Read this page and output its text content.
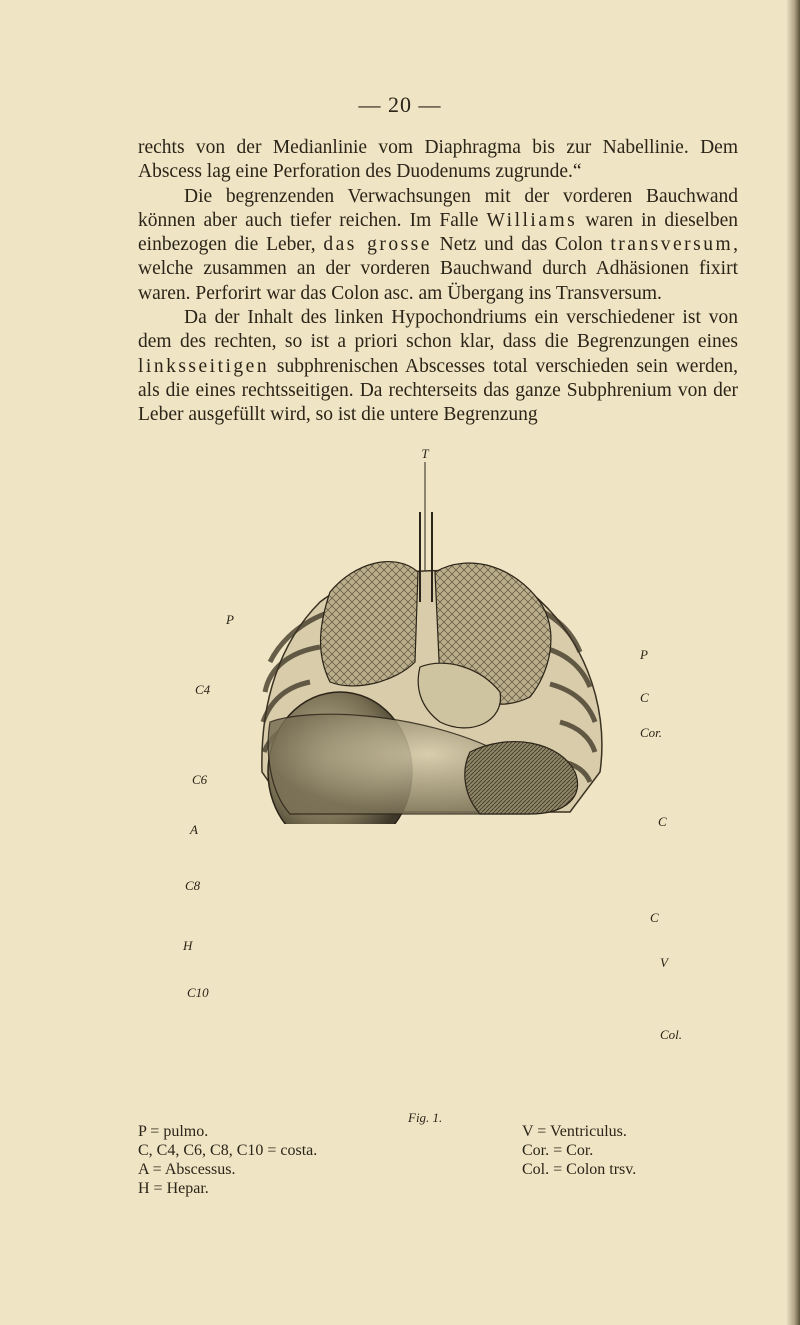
— 20 —

rechts von der Medianlinie vom Diaphragma bis zur Nabellinie. Dem Abscess lag eine Perforation des Duodenums zugrunde.“

Die begrenzenden Verwachsungen mit der vorderen Bauchwand können aber auch tiefer reichen. Im Falle Williams waren in dieselben einbezogen die Leber, das grosse Netz und das Colon transversum, welche zusammen an der vorderen Bauchwand durch Adhäsionen fixirt waren. Perforirt war das Colon asc. am Übergang ins Transversum.

Da der Inhalt des linken Hypochondriums ein verschiedener ist von dem des rechten, so ist a priori schon klar, dass die Begrenzungen eines linksseitigen subphrenischen Abscesses total verschieden sein werden, als die eines rechtsseitigen. Da rechterseits das ganze Subphrenium von der Leber ausgefüllt wird, so ist die untere Begrenzung

T
P
C4
C6
A
P
C
Cor.
C
C8
H
C10
C
V
Col.
Fig. 1.
P = pulmo.
C, C4, C6, C8, C10 = costa.
A = Abscessus.
H = Hepar.
V = Ventriculus.
Cor. = Cor.
Col. = Colon trsv.
